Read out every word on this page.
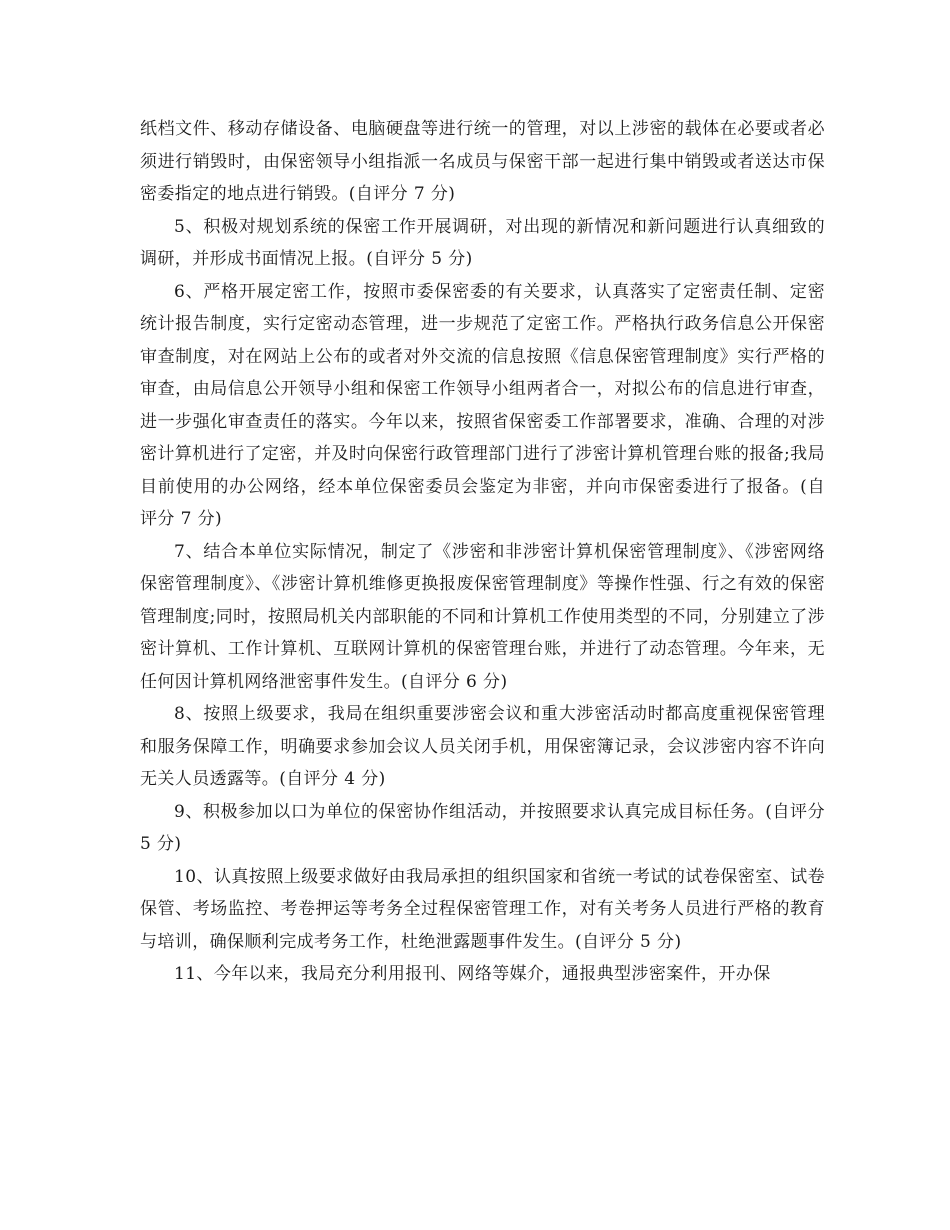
纸档文件、移动存储设备、电脑硬盘等进行统一的管理，对以上涉密的载体在必要或者必须进行销毁时，由保密领导小组指派一名成员与保密干部一起进行集中销毁或者送达市保密委指定的地点进行销毁。(自评分 7 分)

5、积极对规划系统的保密工作开展调研，对出现的新情况和新问题进行认真细致的调研，并形成书面情况上报。(自评分 5 分)

6、严格开展定密工作，按照市委保密委的有关要求，认真落实了定密责任制、定密统计报告制度，实行定密动态管理，进一步规范了定密工作。严格执行政务信息公开保密审查制度，对在网站上公布的或者对外交流的信息按照《信息保密管理制度》实行严格的审查，由局信息公开领导小组和保密工作领导小组两者合一，对拟公布的信息进行审查，进一步强化审查责任的落实。今年以来，按照省保密委工作部署要求，准确、合理的对涉密计算机进行了定密，并及时向保密行政管理部门进行了涉密计算机管理台账的报备;我局目前使用的办公网络，经本单位保密委员会鉴定为非密，并向市保密委进行了报备。(自评分 7 分)

7、结合本单位实际情况，制定了《涉密和非涉密计算机保密管理制度》、《涉密网络保密管理制度》、《涉密计算机维修更换报废保密管理制度》等操作性强、行之有效的保密管理制度;同时，按照局机关内部职能的不同和计算机工作使用类型的不同，分别建立了涉密计算机、工作计算机、互联网计算机的保密管理台账，并进行了动态管理。今年来，无任何因计算机网络泄密事件发生。(自评分 6 分)

8、按照上级要求，我局在组织重要涉密会议和重大涉密活动时都高度重视保密管理和服务保障工作，明确要求参加会议人员关闭手机，用保密簿记录，会议涉密内容不许向无关人员透露等。(自评分 4 分)

9、积极参加以口为单位的保密协作组活动，并按照要求认真完成目标任务。(自评分 5 分)

10、认真按照上级要求做好由我局承担的组织国家和省统一考试的试卷保密室、试卷保管、考场监控、考卷押运等考务全过程保密管理工作，对有关考务人员进行严格的教育与培训，确保顺利完成考务工作，杜绝泄露题事件发生。(自评分 5 分)

11、今年以来，我局充分利用报刊、网络等媒介，通报典型涉密案件，开办保
